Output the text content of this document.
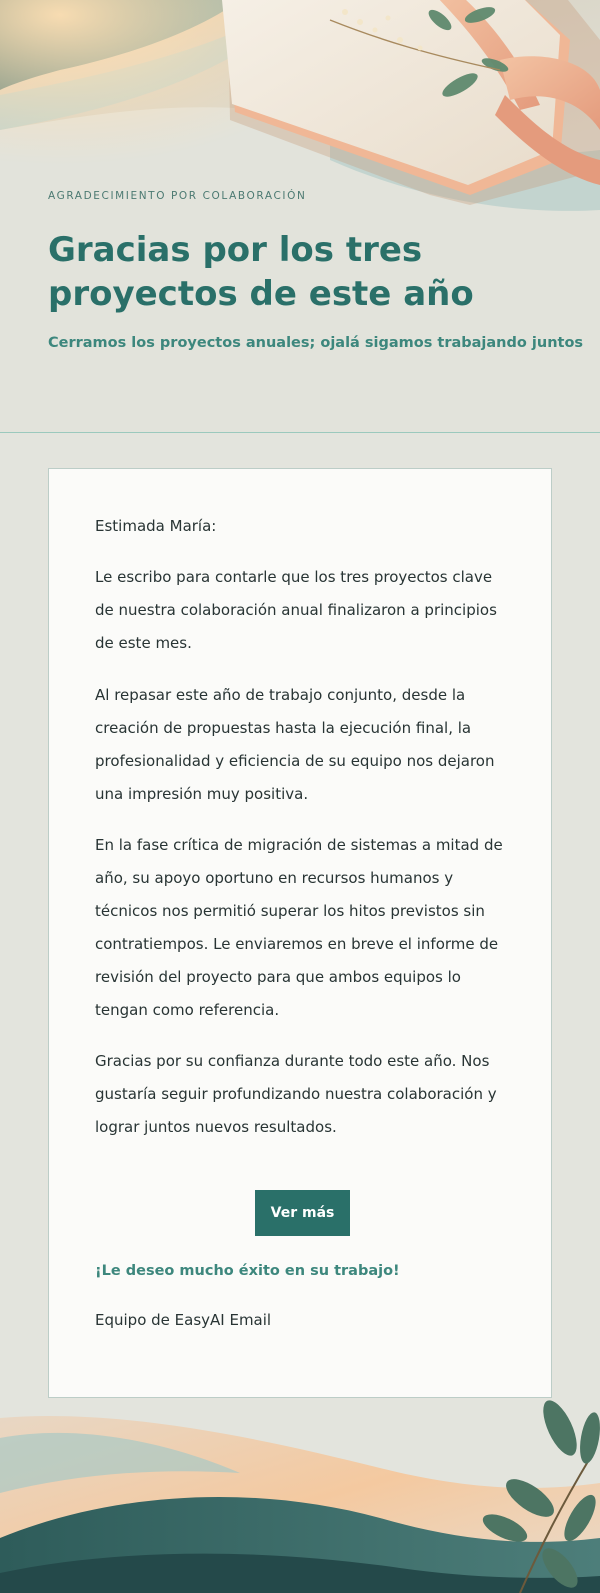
AGRADECIMIENTO POR COLABORACIÓN
Gracias por los tres proyectos de este año
Cerramos los proyectos anuales; ojalá sigamos trabajando juntos
Estimada María:

Le escribo para contarle que los tres proyectos clave de nuestra colaboración anual finalizaron a principios de este mes.

Al repasar este año de trabajo conjunto, desde la creación de propuestas hasta la ejecución final, la profesionalidad y eficiencia de su equipo nos dejaron una impresión muy positiva.

En la fase crítica de migración de sistemas a mitad de año, su apoyo oportuno en recursos humanos y técnicos nos permitió superar los hitos previstos sin contratiempos. Le enviaremos en breve el informe de revisión del proyecto para que ambos equipos lo tengan como referencia.

Gracias por su confianza durante todo este año. Nos gustaría seguir profundizando nuestra colaboración y lograr juntos nuevos resultados.

Ver más
¡Le deseo mucho éxito en su trabajo!
Equipo de EasyAI Email
